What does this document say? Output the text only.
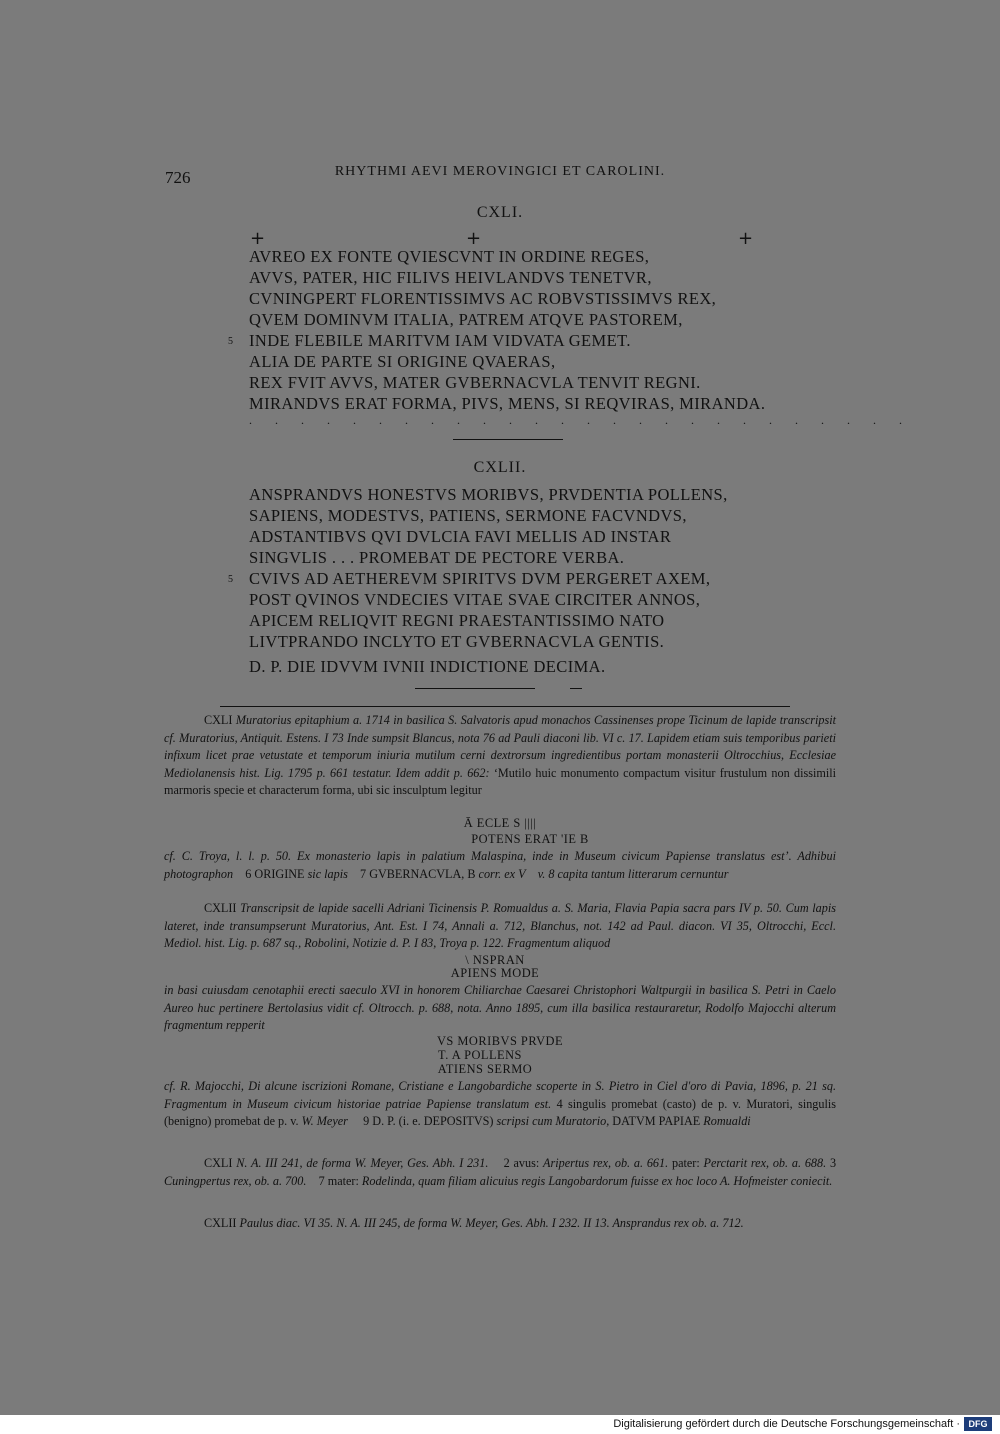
726	RHYTHMI AEVI MEROVINGICI ET CAROLINI.
CXLI.
+	+	+
AVREO EX FONTE QVIESCVNT IN ORDINE REGES,
AVVS, PATER, HIC FILIVS HEIVLANDVS TENETVR,
CVNINGPERT FLORENTISSIMVS AC ROBVSTISSIMVS REX,
QVEM DOMINVM ITALIA, PATREM ATQVE PASTOREM,
5 INDE FLEBILE MARITVM IAM VIDVATA GEMET.
ALIA DE PARTE SI ORIGINE QVAERAS,
REX FVIT AVVS, MATER GVBERNACVLA TENVIT REGNI.
MIRANDVS ERAT FORMA, PIVS, MENS, SI REQVIRAS, MIRANDA.
. . . . . . . . . . . . . . . . . . . . . . . . . .
CXLII.
ANSPRANDVS HONESTVS MORIBVS, PRVDENTIA POLLENS,
SAPIENS, MODESTVS, PATIENS, SERMONE FACVNDVS,
ADSTANTIBVS QVI DVLCIA FAVI MELLIS AD INSTAR
SINGVLIS . . . PROMEBAT DE PECTORE VERBA.
5 CVIVS AD AETHEREVM SPIRITVS DVM PERGERET AXEM,
POST QVINOS VNDECIES VITAE SVAE CIRCITER ANNOS,
APICEM RELIQVIT REGNI PRAESTANTISSIMO NATO
LIVTPRANDO INCLYTO ET GVBERNACVLA GENTIS.
D. P. DIE IDVVM IVNII INDICTIONE DECIMA.
CXLI Muratorius epitaphium a. 1714 in basilica S. Salvatoris apud monachos Cassinenses prope Ticinum de lapide transcripsit cf. Muratorius, Antiquit. Estens. I 73 Inde sumpsit Blancus, nota 76 ad Pauli diaconi lib. VI c. 17. Lapidem etiam suis temporibus parieti infixum licet prae vetustate et temporum iniuria mutilum cerni dextrorsum ingredientibus portam monasterii Oltrocchius, Ecclesiae Mediolanensis hist. Lig. 1795 p. 661 testatur. Idem addit p. 662: ‘Mutilo huic monumento compactum visitur frustulum non dissimili marmoris specie et characterum forma, ubi sic insculptum legitur
Ā ECLE S ||||
POTENS ERAT 'IE B
cf. C. Troya, l. l. p. 50. Ex monasterio lapis in palatium Malaspina, inde in Museum civicum Papiense translatus est’. Adhibui photographon 6 ORIGINE sic lapis 7 GVBERNACVLA, B corr. ex V v. 8 capita tantum litterarum cernuntur
CXLII Transcripsit de lapide sacelli Adriani Ticinensis P. Romualdus a. S. Maria, Flavia Papia sacra pars IV p. 50. Cum lapis lateret, inde transumpserunt Muratorius, Ant. Est. I 74, Annali a. 712, Blanchus, not. 142 ad Paul. diacon. VI 35, Oltrocchi, Eccl. Mediol. hist. Lig. p. 687 sq., Robolini, Notizie d. P. I 83, Troya p. 122. Fragmentum aliquod
\ NSPRAN
APIENS MODE
in basi cuiusdam cenotaphii erecti saeculo XVI in honorem Chiliarchae Caesarei Christophori Waltpurgii in basilica S. Petri in Caelo Aureo huc pertinere Bertolasius vidit cf. Oltrocch. p. 688, nota. Anno 1895, cum illa basilica restauraretur, Rodolfo Majocchi alterum fragmentum repperit
VS MORIBVS PRVDE
T. A POLLENS
ATIENS SERMO
cf. R. Majocchi, Di alcune iscrizioni Romane, Cristiane e Langobardiche scoperte in S. Pietro in Ciel d'oro di Pavia, 1896, p. 21 sq. Fragmentum in Museum civicum historiae patriae Papiense translatum est. 4 singulis promebat (casto) de p. v. Muratori, singulis (benigno) promebat de p. v. W. Meyer 9 D. P. (i. e. DEPOSITVS) scripsi cum Muratorio, DATVM PAPIAE Romualdi
CXLI N. A. III 241, de forma W. Meyer, Ges. Abh. I 231. 2 avus: Aripertus rex, ob. a. 661. pater: Perctarit rex, ob. a. 688. 3 Cuningpertus rex, ob. a. 700. 7 mater: Rodelinda, quam filiam alicuius regis Langobardorum fuisse ex hoc loco A. Hofmeister coniecit.
CXLII Paulus diac. VI 35. N. A. III 245, de forma W. Meyer, Ges. Abh. I 232. II 13. Ansprandus rex ob. a. 712.
Digitalisierung gefördert durch die Deutsche Forschungsgemeinschaft · DFG
